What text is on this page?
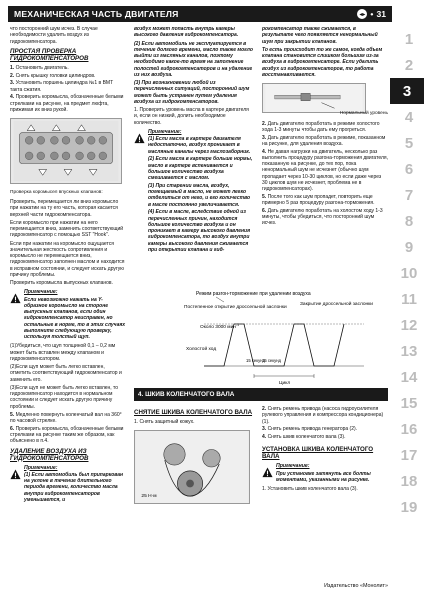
МЕХАНИЧЕСКАЯ ЧАСТЬ ДВИГАТЕЛЯ	◂▸ • 31
1
2
3
4
5
6
7
8
9
10
11
12
13
14
15
16
17
18
19
что посторонний шум исчез. В случае необходимости удалить воздух из гидрокомпенсатора.
ПРОСТАЯ ПРОВЕРКА ГИДРОКОМПЕНСАТОРОВ
1. Остановить двигатель.
2. Снять крышку головки цилиндров.
3. Установить поршень цилиндра №1 в ВМТ такта сжатия.
4. Проверить коромысла, обозначенные белыми стрелками на рисунке, на предмет люфта, прижимая их вниз рукой.
Проверка коромысел впускных клапанов:
Проверить, перемещается ли вниз коромысло при нажатии на ту его часть, которая касается верхней части гидрокомпенсатора.
Если коромысло при нажатии на него перемещается вниз, заменить соответствующий гидрокомпенсатор с помощью SST "Hook".
Если при нажатии на коромысло ощущается значительная жесткость сопротивления и коромысло не перемещается вниз, гидрокомпенсатор заполнен маслом и находится в исправном состоянии, и следует искать другую причину проблемы.
Проверить коромысла выпускных клапанов.
Примечание:
Если невозможно нажать на Y-образное коромысло на стороне выпускных клапанов, если один гидрокомпенсатор неисправен, но остальные в норме, то в этих случаях выполните следующую проверку, используя толстый щуп.
(1)Убедиться, что щуп толщиной 0,1 – 0,2 мм может быть вставлен между клапаном и гидрокомпенсатором.
(2)Если щуп может быть легко вставлен, отметить соответствующий гидрокомпенсатор и заменить его.
(3)Если щуп не может быть легко вставлен, то гидрокомпенсатор находится в нормальном состоянии и следует искать другую причину проблемы.
5. Медленно повернуть коленчатый вал на 360° по часовой стрелке.
6. Проверить коромысла, обозначенные белыми стрелками на рисунке таким же образом, как объяснено в п.4.
УДАЛЕНИЕ ВОЗДУХА ИЗ ГИДРОКОМПЕНСАТОРОВ
Примечание:
(1) Если автомобиль был припаркован на уклоне в течение длительного периода времени, количество масла внутри гидрокомпенсаторов уменьшается, и
воздух может попасть внутрь камеры высокого давления гидрокомпенсатора.
(2) Если автомобиль не эксплуатируется в течение долгого времени, масло также могло выйти из масляных каналов, поэтому необходимо какое-то время на заполнение полостей гидрокомпенсаторов и на удаление из них воздуха.
(3) При возникновении любой из перечисленных ситуаций, посторонний шум может быть устранен путем удаления воздуха из гидрокомпенсаторов.
1. Проверить уровень масла в картере двигателя и, если он низкий, долить необходимое количество.
Примечание:
(1) Если масла в картере двигателя недостаточно, воздух проникает в масляные каналы через маслозаборник.
(2) Если масла в картере больше нормы, масло в картере вспенивается и большое количество воздуха смешивается с маслом.
(3) При старении масла, воздух, помещаемый в масло, не может легко отделиться от него, и его количество в масле постоянно увеличивается.
(4) Если в масле, вследствие одной из перечисленных причин, находится большое количество воздуха и он проникает в камеру высокого давления гидрокомпенсатора, то воздух внутри камеры высокого давления сжимается при открытии клапана и гид-
рокомпенсатор также сжимается, в результате чего появляется ненормальный шум при закрытии клапанов.
То есть происходит то же самое, когда объем клапана становится слишком большим из-за воздуха в гидрокомпенсаторе. Если удалить воздух из гидрокомпенсаторов, то работа восстанавливается.
Нормальный уровень
2. Дать двигателю поработать в режиме холостого хода 1-3 минуты чтобы дать ему прогреться.
3. Дать двигателю поработать в режиме, показанном на рисунке, для удаления воздуха.
4. Не давая нагрузки на двигатель, несколько раз выполнить процедуру разгона-торможения двигателя, показанную на рисунке, до тех пор, пока ненормальный шум не исчезнет (обычно шум пропадает через 10-30 циклов, но если даже через 30 циклов шум не исчезнет, проблема не в гидрокомпенсаторах).
5. После того как шум пропадет, повторить еще примерно 5 раз процедуру разгона-торможения.
6. Дать двигателю поработать на холостом ходу 1-3 минуты, чтобы убедиться, что посторонний шум исчез.
Режим разгон-торможение при удалении воздуха
Постепенное открытие дроссельной заслонки
Закрытие дроссельной заслонки
Около 3000 мин$^{-1}$
Холостой ход
15 секунд
15 секунд
Цикл
4. ШКИВ КОЛЕНЧАТОГО ВАЛА
СНЯТИЕ ШКИВА КОЛЕНЧАТОГО ВАЛА
1. Снять защитный кожух.
25 Н·м
2. Снять ремень привода (насоса гидроусилителя рулевого управления и компрессора кондиционера) (1).
3. Снять ремень привода генератора (2).
4. Снять шкив коленчатого вала (3).
УСТАНОВКА ШКИВА КОЛЕНЧАТОГО ВАЛА
Примечание:
При установке затянуть все болты моментами, указанными на рисунке.
1. Установить шкив коленчатого вала (3).
Издательство «Монолит»
